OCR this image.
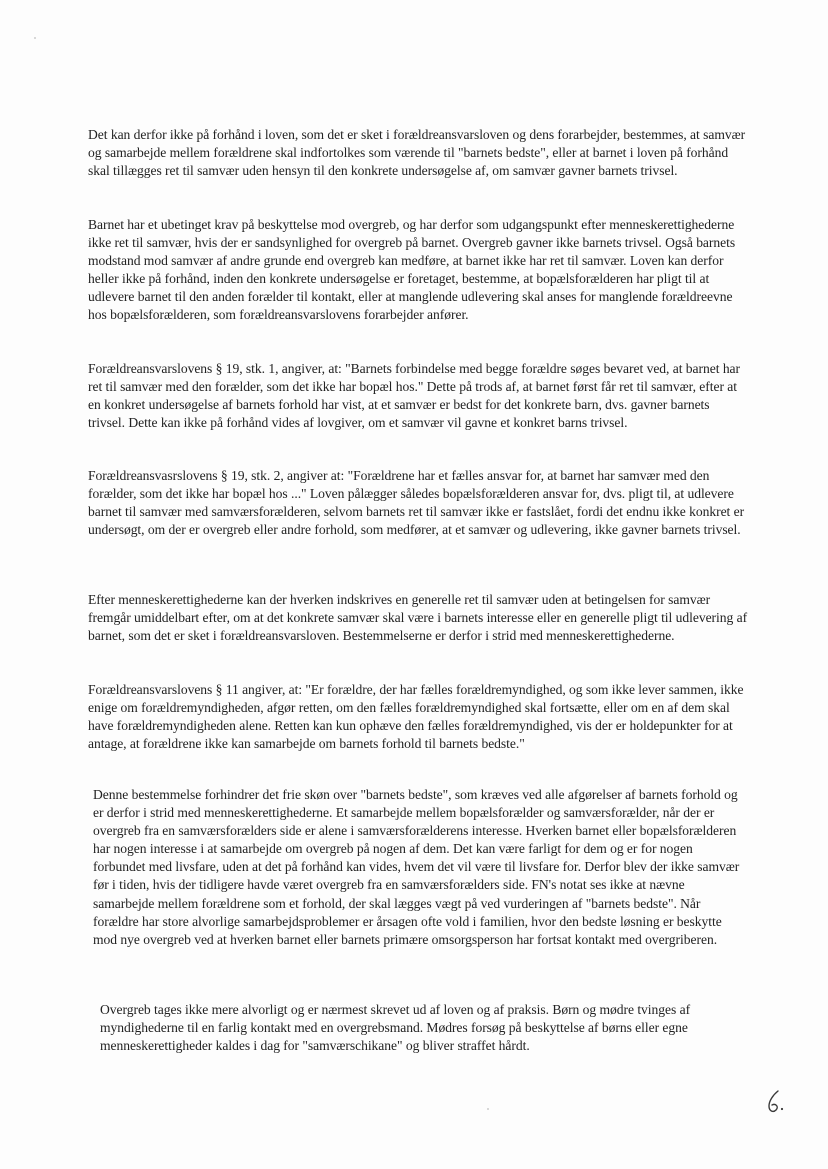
Det kan derfor ikke på forhånd i loven, som det er sket i forældreansvarsloven og dens forarbejder, bestemmes, at samvær og samarbejde mellem forældrene skal indfortolkes som værende til "barnets bedste", eller at barnet i loven på forhånd skal tillægges ret til samvær uden hensyn til den konkrete undersøgelse af, om samvær gavner barnets trivsel.

Barnet har et ubetinget krav på beskyttelse mod overgreb, og har derfor som udgangspunkt efter menneskerettighederne ikke ret til samvær, hvis der er sandsynlighed for overgreb på barnet. Overgreb gavner ikke barnets trivsel. Også barnets modstand mod samvær af andre grunde end overgreb kan medføre, at barnet ikke har ret til samvær. Loven kan derfor heller ikke på forhånd, inden den konkrete undersøgelse er foretaget, bestemme, at bopælsforælderen har pligt til at udlevere barnet til den anden forælder til kontakt, eller at manglende udlevering skal anses for manglende forældreevne hos bopælsforælderen, som forældreansvarslovens forarbejder anfører.

Forældreansvarslovens § 19, stk. 1, angiver, at: "Barnets forbindelse med begge forældre søges bevaret ved, at barnet har ret til samvær med den forælder, som det ikke har bopæl hos." Dette på trods af, at barnet først får ret til samvær, efter at en konkret undersøgelse af barnets forhold har vist, at et samvær er bedst for det konkrete barn, dvs. gavner barnets trivsel. Dette kan ikke på forhånd vides af lovgiver, om et samvær vil gavne et konkret barns trivsel.

Forældreansvasrslovens § 19, stk. 2, angiver at: "Forældrene har et fælles ansvar for, at barnet har samvær med den forælder, som det ikke har bopæl hos ..." Loven pålægger således bopælsforælderen ansvar for, dvs. pligt til, at udlevere barnet til samvær med samværsforælderen, selvom barnets ret til samvær ikke er fastslået, fordi det endnu ikke konkret er undersøgt, om der er overgreb eller andre forhold, som medfører, at et samvær og udlevering, ikke gavner barnets trivsel.

Efter menneskerettighederne kan der hverken indskrives en generelle ret til samvær uden at betingelsen for samvær fremgår umiddelbart efter, om at det konkrete samvær skal være i barnets interesse eller en generelle pligt til udlevering af barnet, som det er sket i forældreansvarsloven. Bestemmelserne er derfor i strid med menneskerettighederne.

Forældreansvarslovens § 11 angiver, at: "Er forældre, der har fælles forældremyndighed, og som ikke lever sammen, ikke enige om forældremyndigheden, afgør retten, om den fælles forældremyndighed skal fortsætte, eller om en af dem skal have forældremyndigheden alene. Retten kan kun ophæve den fælles forældremyndighed, vis der er holdepunkter for at antage, at forældrene ikke kan samarbejde om barnets forhold til barnets bedste."

Denne bestemmelse forhindrer det frie skøn over "barnets bedste", som kræves ved alle afgørelser af barnets forhold og er derfor i strid med menneskerettighederne. Et samarbejde mellem bopælsforælder og samværsforælder, når der er overgreb fra en samværsforælders side er alene i samværsforælderens interesse. Hverken barnet eller bopælsforælderen har nogen interesse i at samarbejde om overgreb på nogen af dem. Det kan være farligt for dem og er for nogen forbundet med livsfare, uden at det på forhånd kan vides, hvem det vil være til livsfare for. Derfor blev der ikke samvær før i tiden, hvis der tidligere havde været overgreb fra en samværsforælders side. FN's notat ses ikke at nævne samarbejde mellem forældrene som et forhold, der skal lægges vægt på ved vurderingen af "barnets bedste". Når forældre har store alvorlige samarbejdsproblemer er årsagen ofte vold i familien, hvor den bedste løsning er beskytte mod nye overgreb ved at hverken barnet eller barnets primære omsorgsperson har fortsat kontakt med overgriberen.

Overgreb tages ikke mere alvorligt og er nærmest skrevet ud af loven og af praksis. Børn og mødre tvinges af myndighederne til en farlig kontakt med en overgrebsmand. Mødres forsøg på beskyttelse af børns eller egne menneskerettigheder kaldes i dag for "samværschikane" og bliver straffet hårdt.
